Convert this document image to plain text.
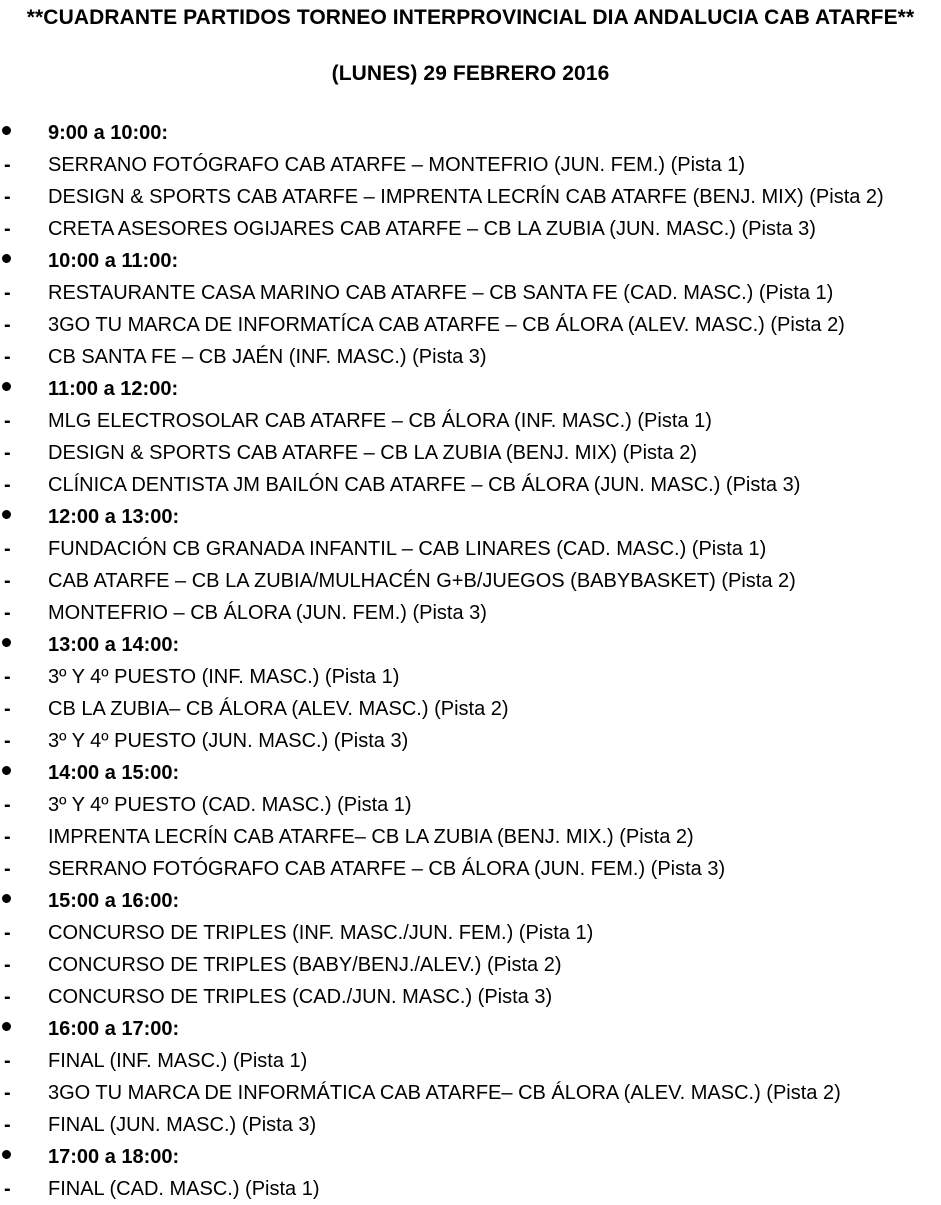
**CUADRANTE PARTIDOS TORNEO INTERPROVINCIAL DIA ANDALUCIA CAB ATARFE**
(LUNES) 29 FEBRERO 2016
9:00 a 10:00:
- SERRANO FOTÓGRAFO CAB ATARFE – MONTEFRIO (JUN. FEM.) (Pista 1)
- DESIGN & SPORTS CAB ATARFE – IMPRENTA LECRÍN CAB ATARFE (BENJ. MIX) (Pista 2)
- CRETA ASESORES OGIJARES CAB ATARFE – CB LA ZUBIA (JUN. MASC.) (Pista 3)
10:00 a 11:00:
- RESTAURANTE CASA MARINO CAB ATARFE – CB SANTA FE (CAD. MASC.) (Pista 1)
- 3GO TU MARCA DE INFORMATÍCA CAB ATARFE – CB ÁLORA (ALEV. MASC.) (Pista 2)
- CB SANTA FE – CB JAÉN (INF. MASC.) (Pista 3)
11:00 a 12:00:
- MLG ELECTROSOLAR CAB ATARFE – CB ÁLORA (INF. MASC.) (Pista 1)
- DESIGN & SPORTS CAB ATARFE – CB LA ZUBIA (BENJ. MIX) (Pista 2)
- CLÍNICA DENTISTA JM BAILÓN CAB ATARFE – CB ÁLORA (JUN. MASC.) (Pista 3)
12:00 a 13:00:
- FUNDACIÓN CB GRANADA INFANTIL – CAB LINARES (CAD. MASC.) (Pista 1)
- CAB ATARFE – CB LA ZUBIA/MULHACÉN G+B/JUEGOS (BABYBASKET) (Pista 2)
- MONTEFRIO – CB ÁLORA (JUN. FEM.) (Pista 3)
13:00 a 14:00:
- 3º Y 4º PUESTO (INF. MASC.) (Pista 1)
- CB LA ZUBIA– CB ÁLORA (ALEV. MASC.) (Pista 2)
- 3º Y 4º PUESTO (JUN. MASC.) (Pista 3)
14:00 a 15:00:
- 3º Y 4º PUESTO (CAD. MASC.) (Pista 1)
- IMPRENTA LECRÍN CAB ATARFE– CB LA ZUBIA (BENJ. MIX.) (Pista 2)
- SERRANO FOTÓGRAFO CAB ATARFE – CB ÁLORA (JUN. FEM.) (Pista 3)
15:00 a 16:00:
- CONCURSO DE TRIPLES (INF. MASC./JUN. FEM.) (Pista 1)
- CONCURSO DE TRIPLES (BABY/BENJ./ALEV.) (Pista 2)
- CONCURSO DE TRIPLES (CAD./JUN. MASC.) (Pista 3)
16:00 a 17:00:
- FINAL (INF. MASC.) (Pista 1)
- 3GO TU MARCA DE INFORMÁTICA CAB ATARFE– CB ÁLORA (ALEV. MASC.) (Pista 2)
- FINAL (JUN. MASC.) (Pista 3)
17:00 a 18:00:
- FINAL (CAD. MASC.) (Pista 1)
